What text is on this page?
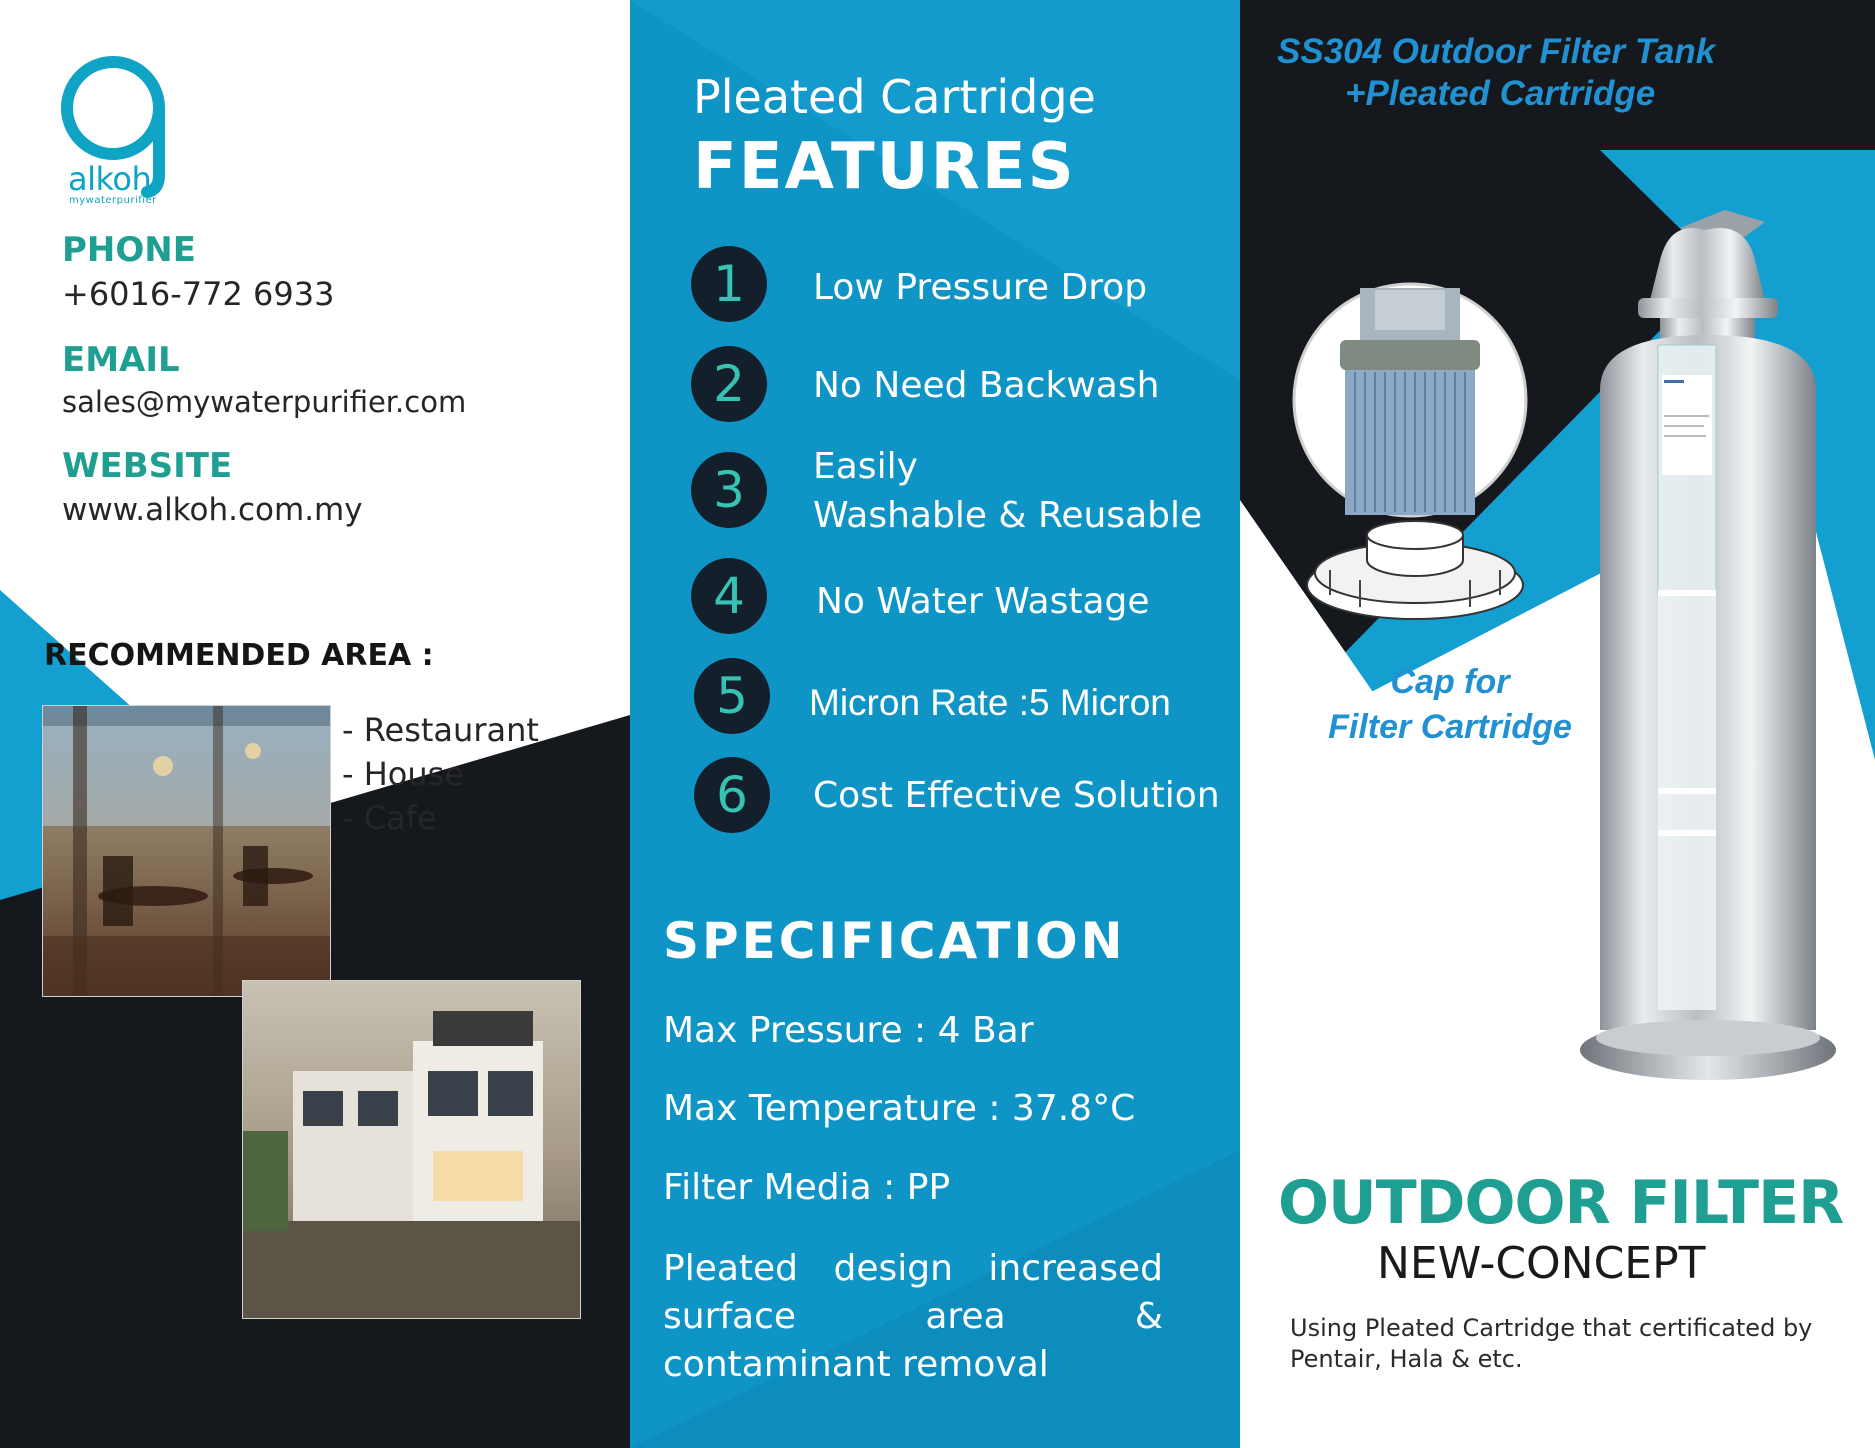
alkoh
mywaterpurifier
PHONE
+6016-772 6933
EMAIL
sales@mywaterpurifier.com
WEBSITE
www.alkoh.com.my
RECOMMENDED AREA :
- Restaurant
- House
- Cafe
Pleated Cartridge
FEATURES
1	Low Pressure Drop
2	No Need Backwash
3	Easily
Washable & Reusable
4	No Water Wastage
5	Micron Rate :5 Micron
6	Cost Effective Solution
SPECIFICATION
Max Pressure : 4 Bar
Max Temperature : 37.8°C
Filter Media : PP
Pleated design increased surface area & contaminant removal
SS304 Outdoor Filter Tank
+Pleated Cartridge
Cap for
Filter Cartridge
OUTDOOR FILTER
NEW-CONCEPT
Using Pleated Cartridge that certificated by Pentair, Hala & etc.
